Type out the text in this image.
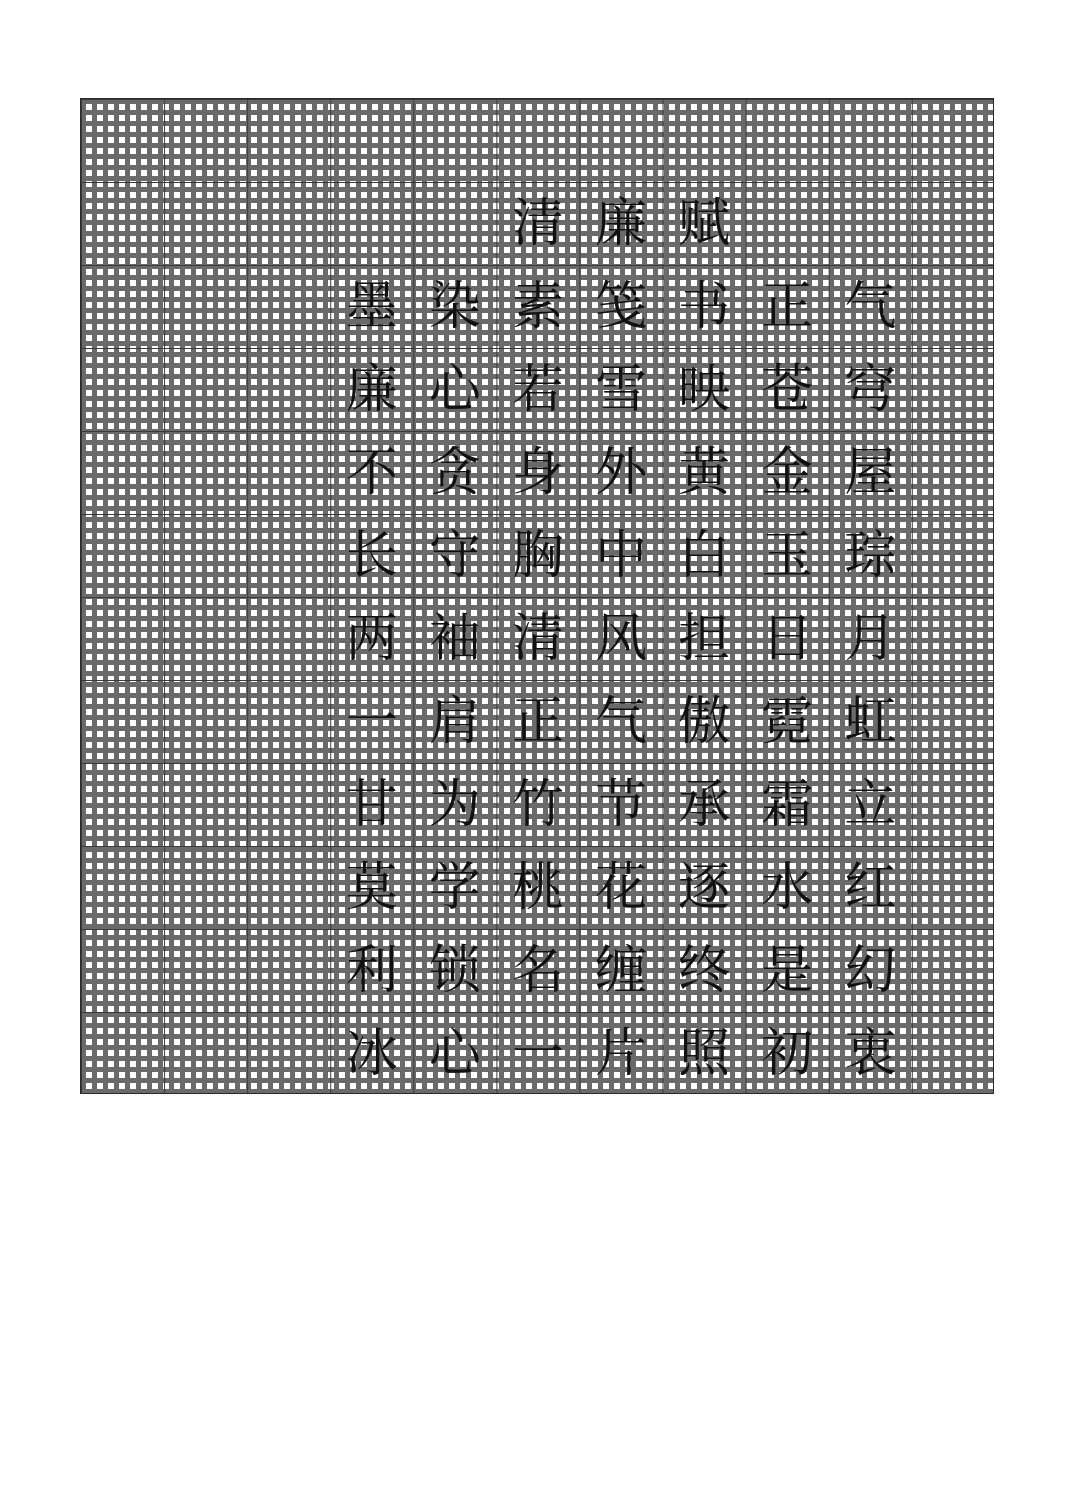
清 廉 赋
墨 染 素 笺 书 正 气
廉 心 若 雪 映 苍 穹
不 贪 身 外 黄 金 屋
长 守 胸 中 白 玉 琮
两 袖 清 风 担 日 月
一 肩 正 气 傲 霓 虹
甘 为 竹 节 承 霜 立
莫 学 桃 花 逐 水 红
利 锁 名 缠 终 是 幻
冰 心 一 片 照 初 衷
